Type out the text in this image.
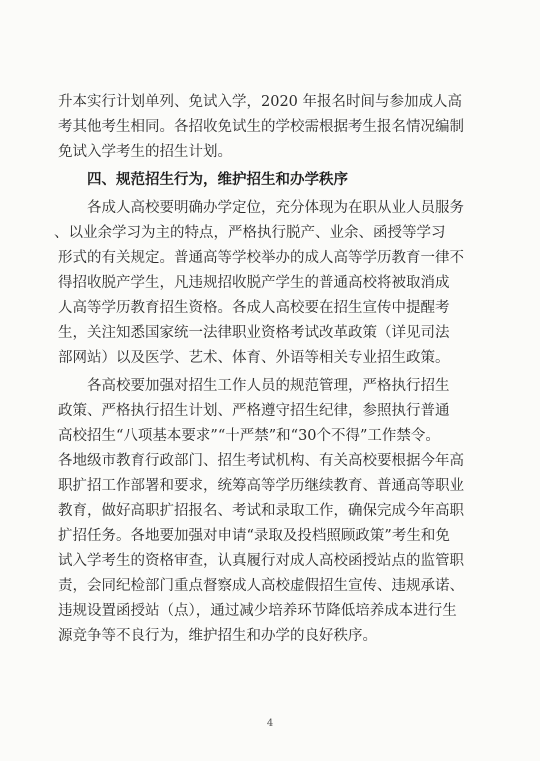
升本实行计划单列、免试入学，2020 年报名时间与参加成人高
考其他考生相同。各招收免试生的学校需根据考生报名情况编制
免试入学考生的招生计划。
四、规范招生行为，维护招生和办学秩序
各成人高校要明确办学定位，充分体现为在职从业人员服务
、以业余学习为主的特点，严格执行脱产、业余、函授等学习
形式的有关规定。普通高等学校举办的成人高等学历教育一律不
得招收脱产学生，凡违规招收脱产学生的普通高校将被取消成
人高等学历教育招生资格。各成人高校要在招生宣传中提醒考
生，关注知悉国家统一法律职业资格考试改革政策（详见司法
部网站）以及医学、艺术、体育、外语等相关专业招生政策。
各高校要加强对招生工作人员的规范管理，严格执行招生
政策、严格执行招生计划、严格遵守招生纪律，参照执行普通
高校招生“八项基本要求”“十严禁”和“30个不得”工作禁令。
各地级市教育行政部门、招生考试机构、有关高校要根据今年高
职扩招工作部署和要求，统筹高等学历继续教育、普通高等职业
教育，做好高职扩招报名、考试和录取工作，确保完成今年高职
扩招任务。各地要加强对申请“录取及投档照顾政策”考生和免
试入学考生的资格审查，认真履行对成人高校函授站点的监管职
责，会同纪检部门重点督察成人高校虚假招生宣传、违规承诺、
违规设置函授站（点），通过减少培养环节降低培养成本进行生
源竞争等不良行为，维护招生和办学的良好秩序。
4
